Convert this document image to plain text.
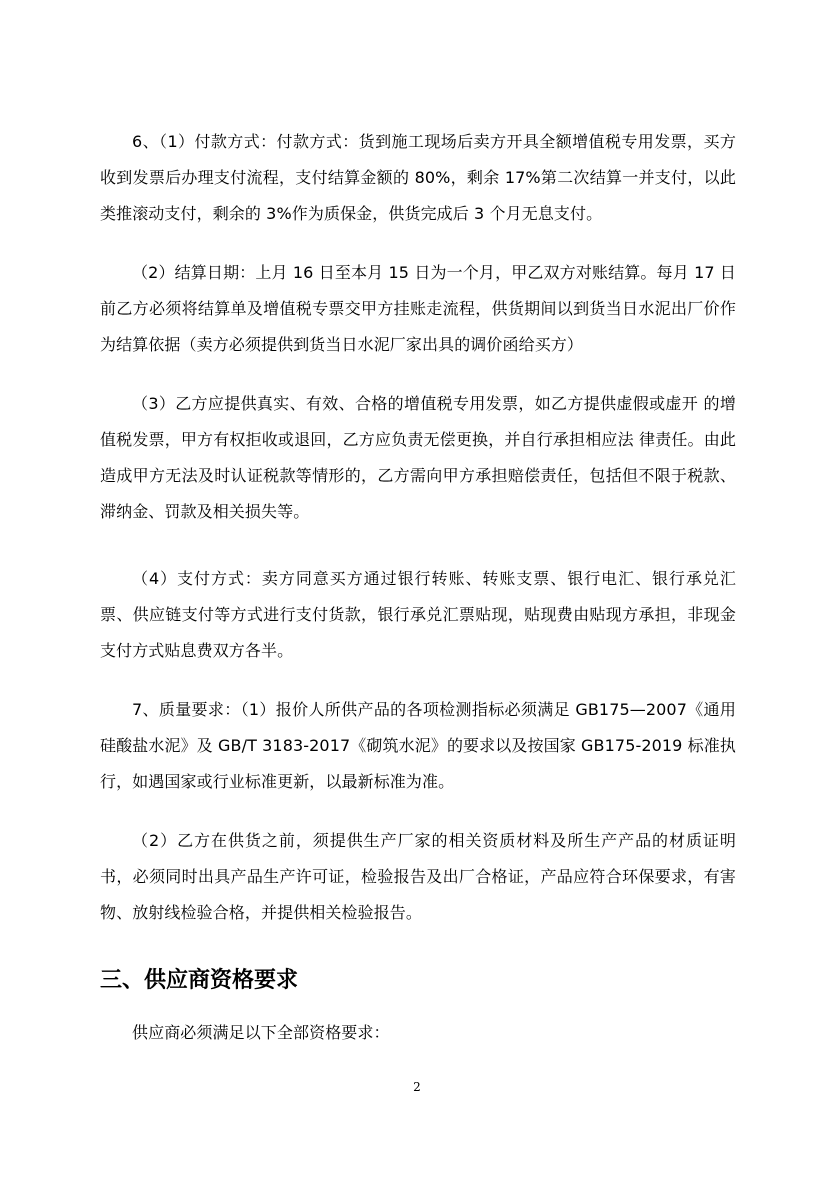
6、（1）付款方式：付款方式：货到施工现场后卖方开具全额增值税专用发票，买方收到发票后办理支付流程，支付结算金额的 80%，剩余 17%第二次结算一并支付，以此类推滚动支付，剩余的 3%作为质保金，供货完成后 3 个月无息支付。

（2）结算日期：上月 16 日至本月 15 日为一个月，甲乙双方对账结算。每月 17 日前乙方必须将结算单及增值税专票交甲方挂账走流程，供货期间以到货当日水泥出厂价作为结算依据（卖方必须提供到货当日水泥厂家出具的调价函给买方）

（3）乙方应提供真实、有效、合格的增值税专用发票，如乙方提供虚假或虚开 的增值税发票，甲方有权拒收或退回，乙方应负责无偿更换，并自行承担相应法 律责任。由此造成甲方无法及时认证税款等情形的，乙方需向甲方承担赔偿责任，包括但不限于税款、滞纳金、罚款及相关损失等。

（4）支付方式：卖方同意买方通过银行转账、转账支票、银行电汇、银行承兑汇票、供应链支付等方式进行支付货款，银行承兑汇票贴现，贴现费由贴现方承担，非现金支付方式贴息费双方各半。

7、质量要求：（1）报价人所供产品的各项检测指标必须满足 GB175—2007《通用硅酸盐水泥》及 GB/T 3183-2017《砌筑水泥》的要求以及按国家 GB175-2019 标准执行，如遇国家或行业标准更新，以最新标准为准。

（2）乙方在供货之前，须提供生产厂家的相关资质材料及所生产产品的材质证明书，必须同时出具产品生产许可证，检验报告及出厂合格证，产品应符合环保要求，有害物、放射线检验合格，并提供相关检验报告。

三、供应商资格要求

供应商必须满足以下全部资格要求：

2
